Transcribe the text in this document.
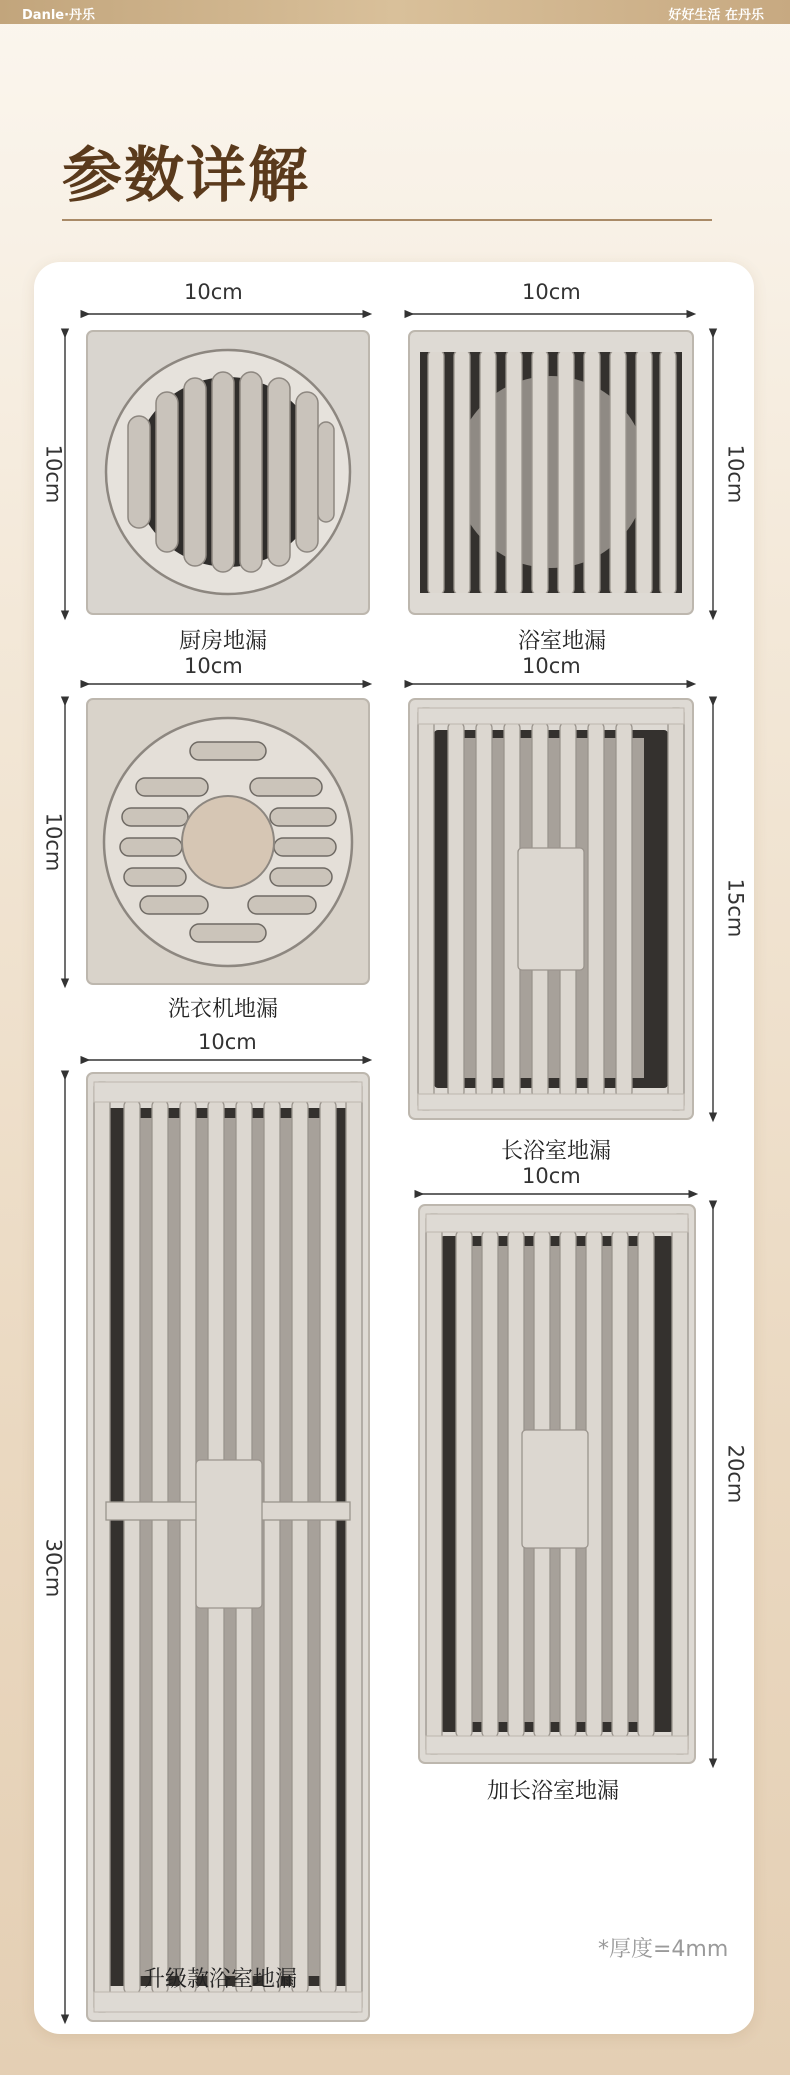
Danle·丹乐	好好生活 在丹乐
参数详解
10cm
10cm
厨房地漏
10cm
10cm
浴室地漏
10cm
10cm
洗衣机地漏
10cm
15cm
长浴室地漏
10cm
30cm
升级款浴室地漏
10cm
20cm
加长浴室地漏
*厚度=4mm
